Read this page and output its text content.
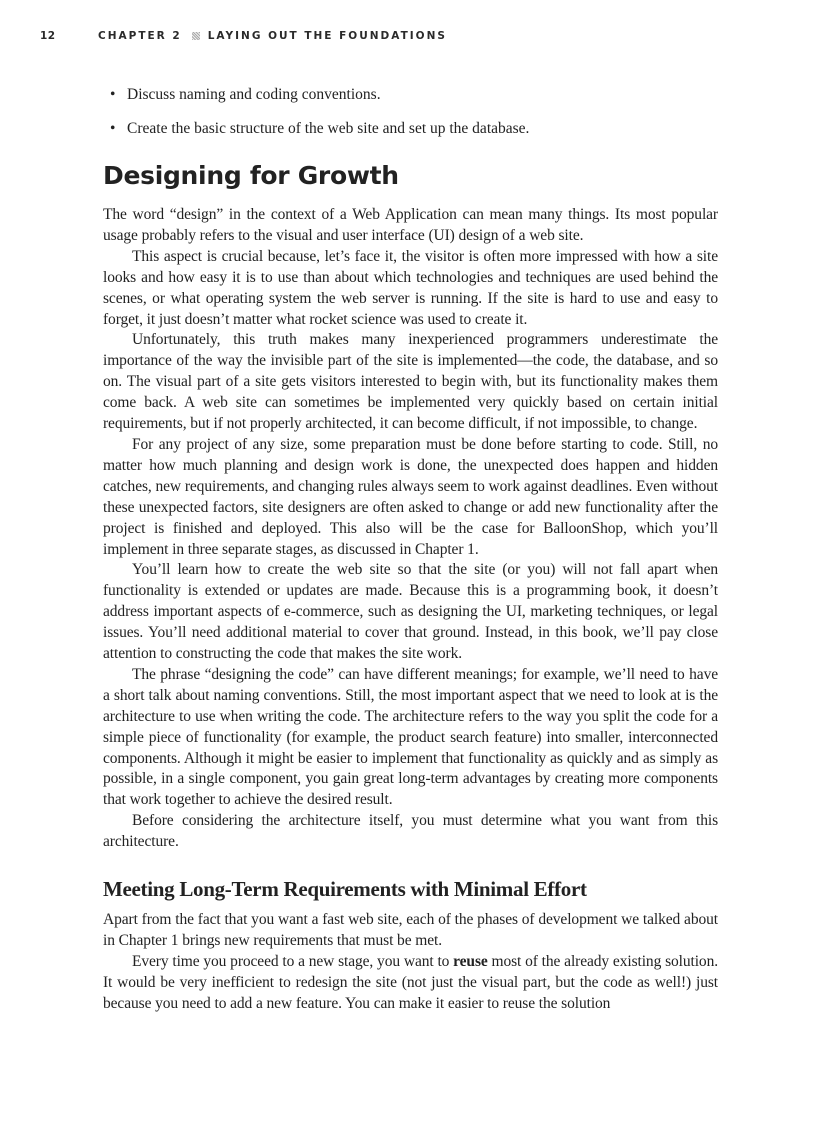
12	CHAPTER 2 LAYING OUT THE FOUNDATIONS
• Discuss naming and coding conventions.
• Create the basic structure of the web site and set up the database.
Designing for Growth

The word “design” in the context of a Web Application can mean many things. Its most popular usage probably refers to the visual and user interface (UI) design of a web site.

This aspect is crucial because, let’s face it, the visitor is often more impressed with how a site looks and how easy it is to use than about which technologies and techniques are used behind the scenes, or what operating system the web server is running. If the site is hard to use and easy to forget, it just doesn’t matter what rocket science was used to create it.

Unfortunately, this truth makes many inexperienced programmers underestimate the importance of the way the invisible part of the site is implemented—the code, the database, and so on. The visual part of a site gets visitors interested to begin with, but its functionality makes them come back. A web site can sometimes be implemented very quickly based on certain initial requirements, but if not properly architected, it can become difficult, if not impossible, to change.

For any project of any size, some preparation must be done before starting to code. Still, no matter how much planning and design work is done, the unexpected does happen and hidden catches, new requirements, and changing rules always seem to work against deadlines. Even without these unexpected factors, site designers are often asked to change or add new functionality after the project is finished and deployed. This also will be the case for BalloonShop, which you’ll implement in three separate stages, as discussed in Chapter 1.

You’ll learn how to create the web site so that the site (or you) will not fall apart when functionality is extended or updates are made. Because this is a programming book, it doesn’t address important aspects of e-commerce, such as designing the UI, marketing techniques, or legal issues. You’ll need additional material to cover that ground. Instead, in this book, we’ll pay close attention to constructing the code that makes the site work.

The phrase “designing the code” can have different meanings; for example, we’ll need to have a short talk about naming conventions. Still, the most important aspect that we need to look at is the architecture to use when writing the code. The architecture refers to the way you split the code for a simple piece of functionality (for example, the product search feature) into smaller, interconnected components. Although it might be easier to implement that functionality as quickly and as simply as possible, in a single component, you gain great long-term advantages by creating more components that work together to achieve the desired result.

Before considering the architecture itself, you must determine what you want from this architecture.

Meeting Long-Term Requirements with Minimal Effort

Apart from the fact that you want a fast web site, each of the phases of development we talked about in Chapter 1 brings new requirements that must be met.

Every time you proceed to a new stage, you want to reuse most of the already existing solution. It would be very inefficient to redesign the site (not just the visual part, but the code as well!) just because you need to add a new feature. You can make it easier to reuse the solution
